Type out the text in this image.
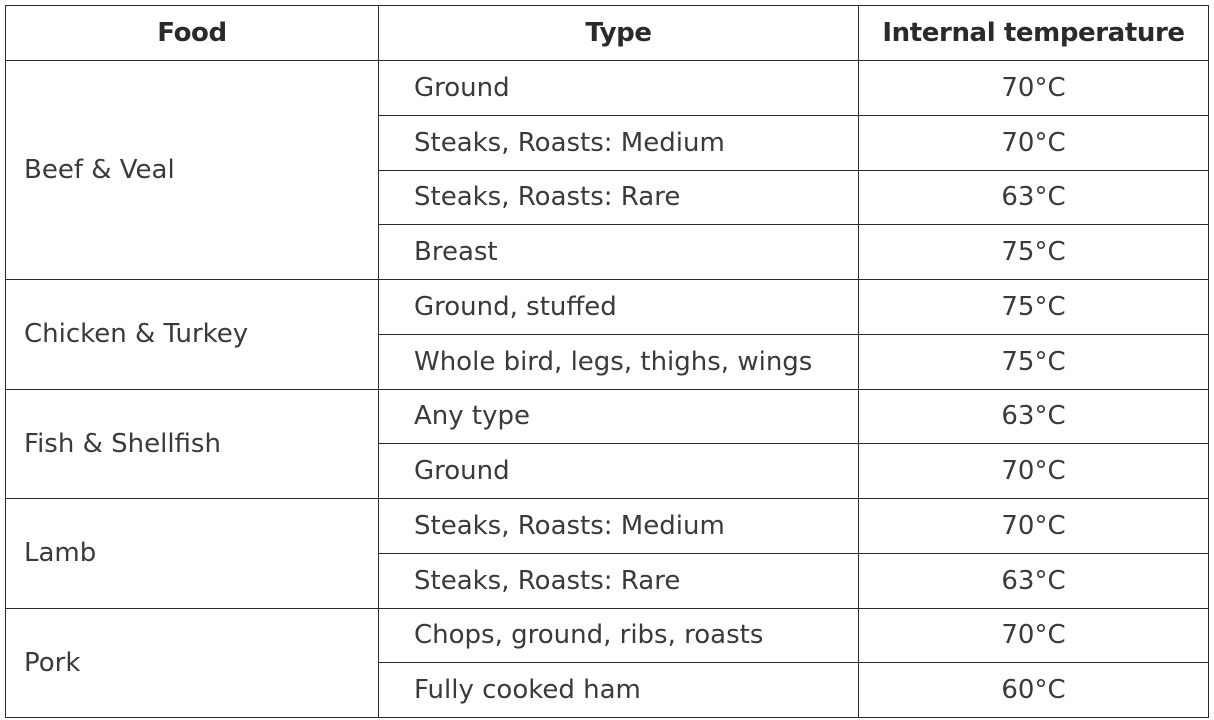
Food	Type	Internal temperature
Beef & Veal	Ground	70°C
	Steaks, Roasts: Medium	70°C
	Steaks, Roasts: Rare	63°C
	Breast	75°C
Chicken & Turkey	Ground, stuffed	75°C
	Whole bird, legs, thighs, wings	75°C
Fish & Shellfish	Any type	63°C
	Ground	70°C
Lamb	Steaks, Roasts: Medium	70°C
	Steaks, Roasts: Rare	63°C
Pork	Chops, ground, ribs, roasts	70°C
	Fully cooked ham	60°C
